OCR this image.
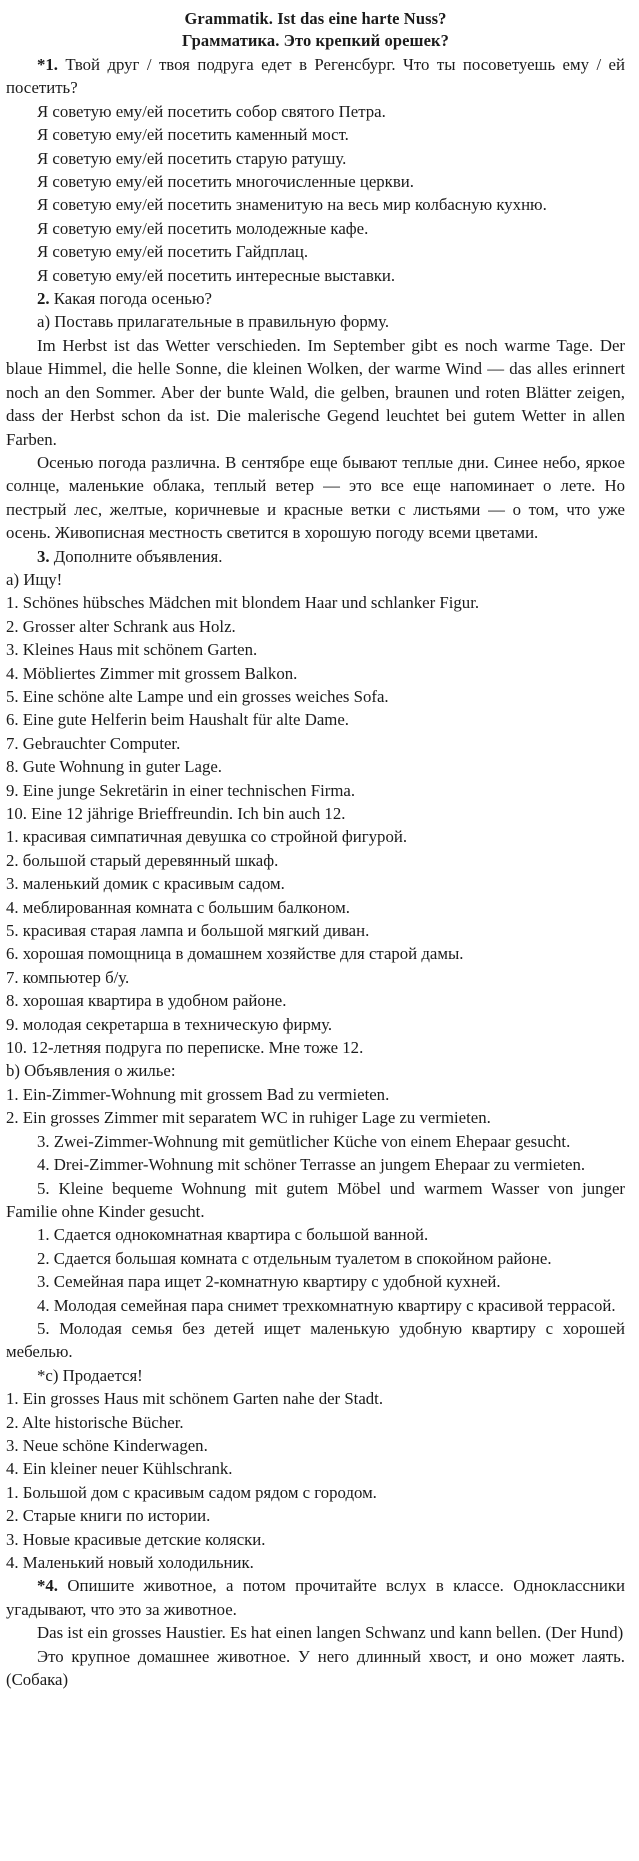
Grammatik. Ist das eine harte Nuss?
Грамматика. Это крепкий орешек?

*1. Твой друг / твоя подруга едет в Регенсбург. Что ты посоветуешь ему / ей посетить?

Я советую ему/ей посетить собор святого Петра.

Я советую ему/ей посетить каменный мост.

Я советую ему/ей посетить старую ратушу.

Я советую ему/ей посетить многочисленные церкви.

Я советую ему/ей посетить знаменитую на весь мир колбасную кухню.

Я советую ему/ей посетить молодежные кафе.

Я советую ему/ей посетить Гайдплац.

Я советую ему/ей посетить интересные выставки.

2. Какая погода осенью?

а) Поставь прилагательные в правильную форму.

Im Herbst ist das Wetter verschieden. Im September gibt es noch warme Tage. Der blaue Himmel, die helle Sonne, die kleinen Wolken, der warme Wind — das alles erinnert noch an den Sommer. Aber der bunte Wald, die gelben, braunen und roten Blätter zeigen, dass der Herbst schon da ist. Die malerische Gegend leuchtet bei gutem Wetter in allen Farben.

Осенью погода различна. В сентябре еще бывают теплые дни. Синее небо, яркое солнце, маленькие облака, теплый ветер — это все еще напоминает о лете. Но пестрый лес, желтые, коричневые и красные ветки с листьями — о том, что уже осень. Живописная местность светится в хорошую погоду всеми цветами.

3. Дополните объявления.

а) Ищу!

1. Schönes hübsches Mädchen mit blondem Haar und schlanker Figur.

2. Grosser alter Schrank aus Holz.

3. Kleines Haus mit schönem Garten.

4. Möbliertes Zimmer mit grossem Balkon.

5. Eine schöne alte Lampe und ein grosses weiches Sofa.

6. Eine gute Helferin beim Haushalt für alte Dame.

7. Gebrauchter Computer.

8. Gute Wohnung in guter Lage.

9. Eine junge Sekretärin in einer technischen Firma.

10. Eine 12 jährige Brieffreundin. Ich bin auch 12.

1. красивая симпатичная девушка со стройной фигурой.

2. большой старый деревянный шкаф.

3. маленький домик с красивым садом.

4. меблированная комната с большим балконом.

5. красивая старая лампа и большой мягкий диван.

6. хорошая помощница в домашнем хозяйстве для старой дамы.

7. компьютер б/у.

8. хорошая квартира в удобном районе.

9. молодая секретарша в техническую фирму.

10. 12-летняя подруга по переписке. Мне тоже 12.

b) Объявления о жилье:

1. Ein-Zimmer-Wohnung mit grossem Bad zu vermieten.

2. Ein grosses Zimmer mit separatem WC in ruhiger Lage zu vermieten.

3. Zwei-Zimmer-Wohnung mit gemütlicher Küche von einem Ehepaar gesucht.

4. Drei-Zimmer-Wohnung mit schöner Terrasse an jungem Ehepaar zu vermieten.

5. Kleine bequeme Wohnung mit gutem Möbel und warmem Wasser von junger Familie ohne Kinder gesucht.

1. Сдается однокомнатная квартира с большой ванной.

2. Сдается большая комната с отдельным туалетом в спокойном районе.

3. Семейная пара ищет 2-комнатную квартиру с удобной кухней.

4. Молодая семейная пара снимет трехкомнатную квартиру с красивой террасой.

5. Молодая семья без детей ищет маленькую удобную квартиру с хорошей мебелью.

*с) Продается!

1. Ein grosses Haus mit schönem Garten nahe der Stadt.

2. Alte historische Bücher.

3. Neue schöne Kinderwagen.

4. Ein kleiner neuer Kühlschrank.

1. Большой дом с красивым садом рядом с городом.

2. Старые книги по истории.

3. Новые красивые детские коляски.

4. Маленький новый холодильник.

*4. Опишите животное, а потом прочитайте вслух в классе. Одноклассники угадывают, что это за животное.

Das ist ein grosses Haustier. Es hat einen langen Schwanz und kann bellen. (Der Hund)

Это крупное домашнее животное. У него длинный хвост, и оно может лаять. (Собака)
